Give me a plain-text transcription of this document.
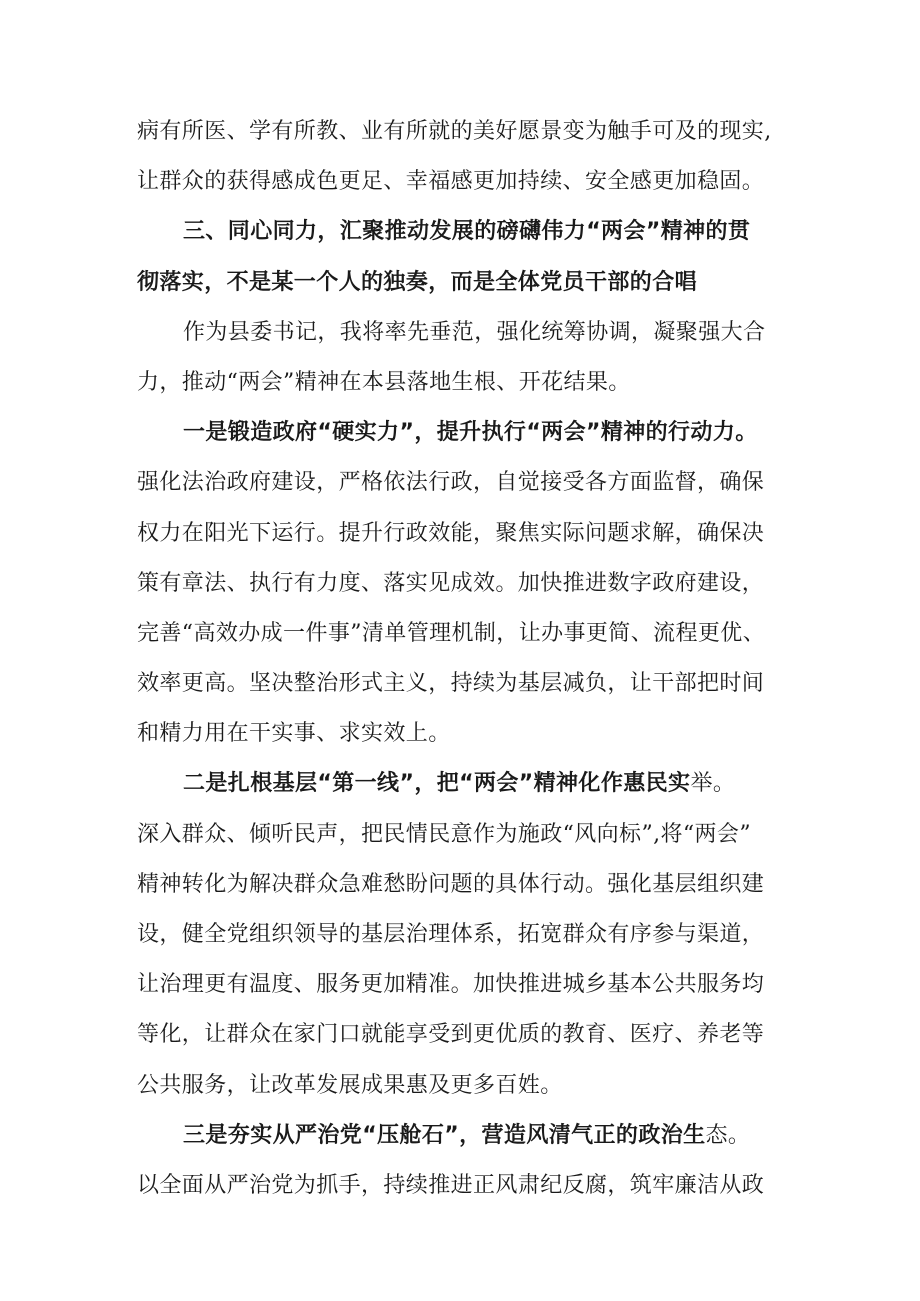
病有所医、学有所教、业有所就的美好愿景变为触手可及的现实,
让群众的获得感成色更足、幸福感更加持续、安全感更加稳固。
三、同心同力，汇聚推动发展的磅礴伟力“两会”精神的贯
彻落实，不是某一个人的独奏，而是全体党员干部的合唱
作为县委书记，我将率先垂范，强化统筹协调，凝聚强大合
力，推动“两会”精神在本县落地生根、开花结果。
一是锻造政府“硬实力”，提升执行“两会”精神的行动力。
强化法治政府建设，严格依法行政，自觉接受各方面监督，确保
权力在阳光下运行。提升行政效能，聚焦实际问题求解，确保决
策有章法、执行有力度、落实见成效。加快推进数字政府建设，
完善“高效办成一件事”清单管理机制，让办事更简、流程更优、
效率更高。坚决整治形式主义，持续为基层减负，让干部把时间
和精力用在干实事、求实效上。
二是扎根基层“第一线”，把“两会”精神化作惠民实举。
深入群众、倾听民声，把民情民意作为施政“风向标”,将“两会”
精神转化为解决群众急难愁盼问题的具体行动。强化基层组织建
设，健全党组织领导的基层治理体系，拓宽群众有序参与渠道，
让治理更有温度、服务更加精准。加快推进城乡基本公共服务均
等化，让群众在家门口就能享受到更优质的教育、医疗、养老等
公共服务，让改革发展成果惠及更多百姓。
三是夯实从严治党“压舱石”，营造风清气正的政治生态。
以全面从严治党为抓手，持续推进正风肃纪反腐，筑牢廉洁从政
